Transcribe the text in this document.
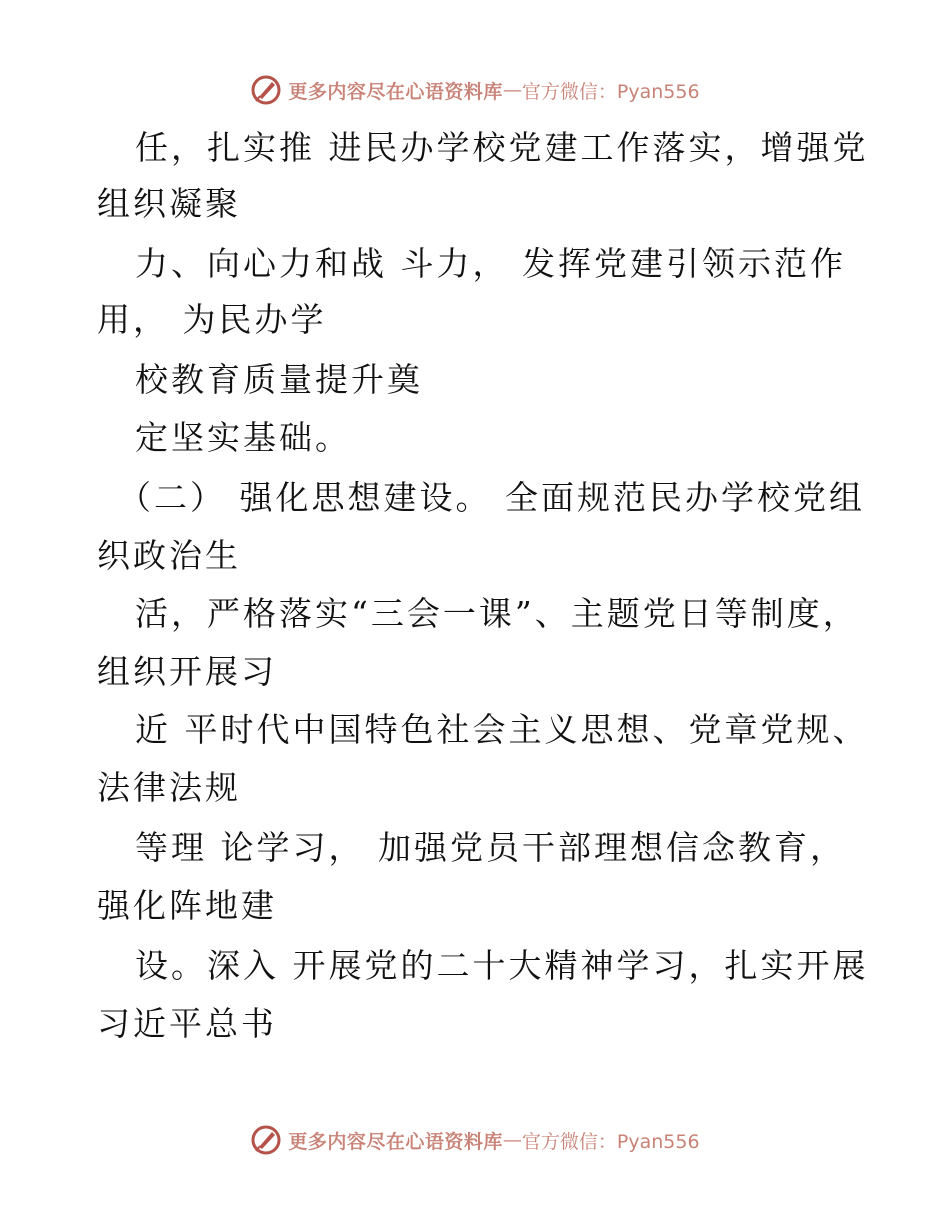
更多内容尽在心语资料库 — 官方微信：Pyan556
任，扎实推 进民办学校党建工作落实，增强党
组织凝聚
力、向心力和战 斗力， 发挥党建引领示范作
用， 为民办学
校教育质量提升奠
定坚实基础。
（二） 强化思想建设。 全面规范民办学校党组
织政治生
活，严格落实“三会一课”、主题党日等制度，
组织开展习
近 平时代中国特色社会主义思想、党章党规、
法律法规
等理 论学习， 加强党员干部理想信念教育，
强化阵地建
设。深入 开展党的二十大精神学习，扎实开展
习近平总书
更多内容尽在心语资料库 — 官方微信：Pyan556
